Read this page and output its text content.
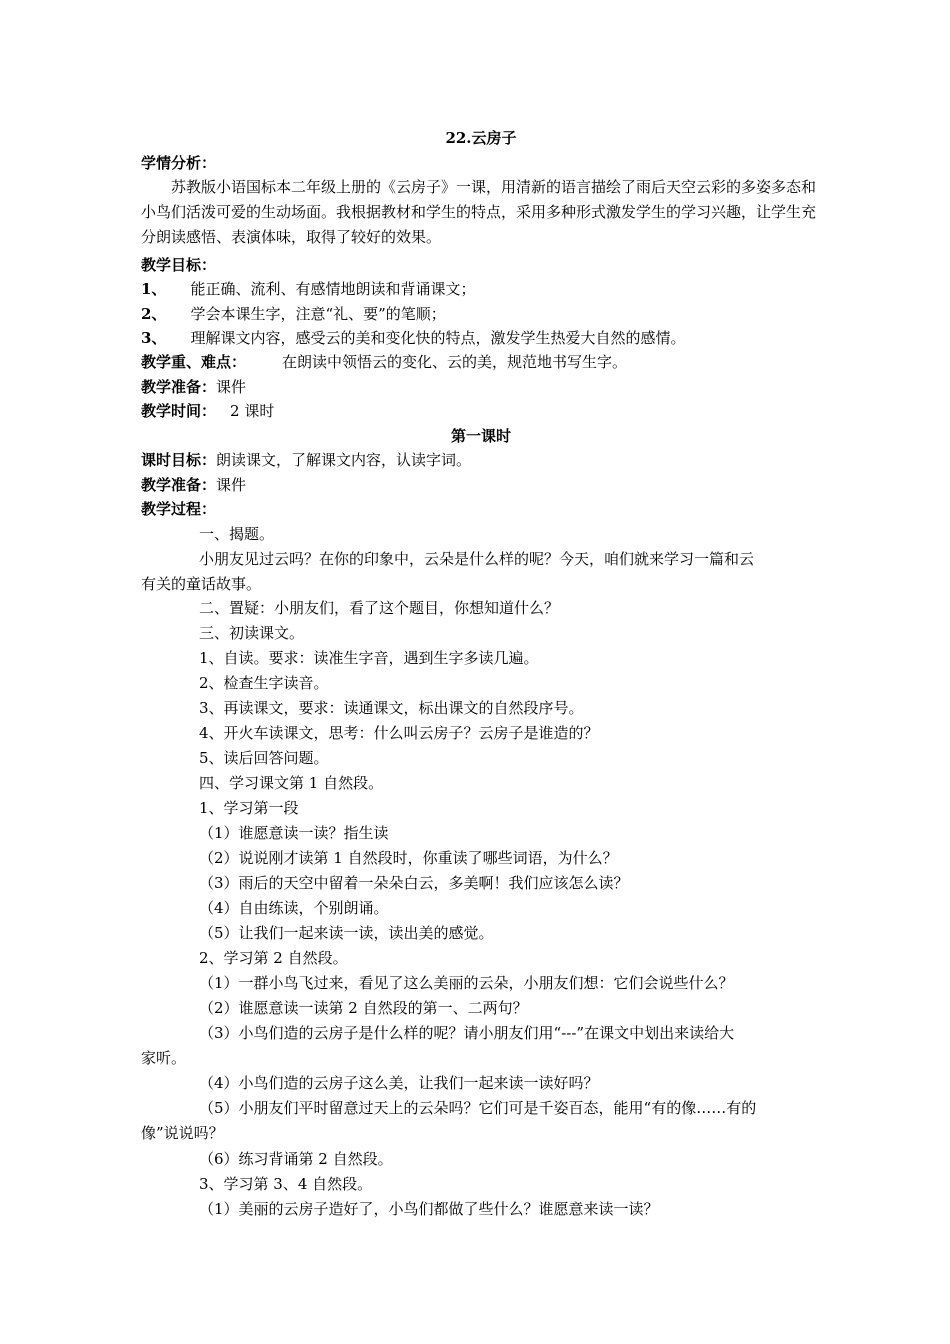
22.云房子
学情分析：
苏教版小语国标本二年级上册的《云房子》一课，用清新的语言描绘了雨后天空云彩的多姿多态和小鸟们活泼可爱的生动场面。我根据教材和学生的特点，采用多种形式激发学生的学习兴趣，让学生充分朗读感悟、表演体味，取得了较好的效果。
教学目标：
1、 能正确、流利、有感情地朗读和背诵课文；
2、 学会本课生字，注意“礼、要”的笔顺；
3、 理解课文内容，感受云的美和变化快的特点，激发学生热爱大自然的感情。
教学重、难点： 在朗读中领悟云的变化、云的美，规范地书写生字。
教学准备：课件
教学时间： 2 课时
第一课时
课时目标：朗读课文，了解课文内容，认读字词。
教学准备：课件
教学过程：
一、揭题。
小朋友见过云吗？在你的印象中，云朵是什么样的呢？今天，咱们就来学习一篇和云
有关的童话故事。
二、置疑：小朋友们，看了这个题目，你想知道什么？
三、初读课文。
1、自读。要求：读准生字音，遇到生字多读几遍。
2、检查生字读音。
3、再读课文，要求：读通课文，标出课文的自然段序号。
4、开火车读课文，思考：什么叫云房子？云房子是谁造的？
5、读后回答问题。
四、学习课文第 1 自然段。
1、学习第一段
（1）谁愿意读一读？指生读
（2）说说刚才读第 1 自然段时，你重读了哪些词语，为什么？
（3）雨后的天空中留着一朵朵白云，多美啊！我们应该怎么读？
（4）自由练读，个别朗诵。
（5）让我们一起来读一读，读出美的感觉。
2、学习第 2 自然段。
（1）一群小鸟飞过来，看见了这么美丽的云朵，小朋友们想：它们会说些什么？
（2）谁愿意读一读第 2 自然段的第一、二两句？
（3）小鸟们造的云房子是什么样的呢？请小朋友们用“---”在课文中划出来读给大
家听。
（4）小鸟们造的云房子这么美，让我们一起来读一读好吗？
（5）小朋友们平时留意过天上的云朵吗？它们可是千姿百态，能用“有的像……有的
像”说说吗？
（6）练习背诵第 2 自然段。
3、学习第 3、4 自然段。
（1）美丽的云房子造好了，小鸟们都做了些什么？谁愿意来读一读？
